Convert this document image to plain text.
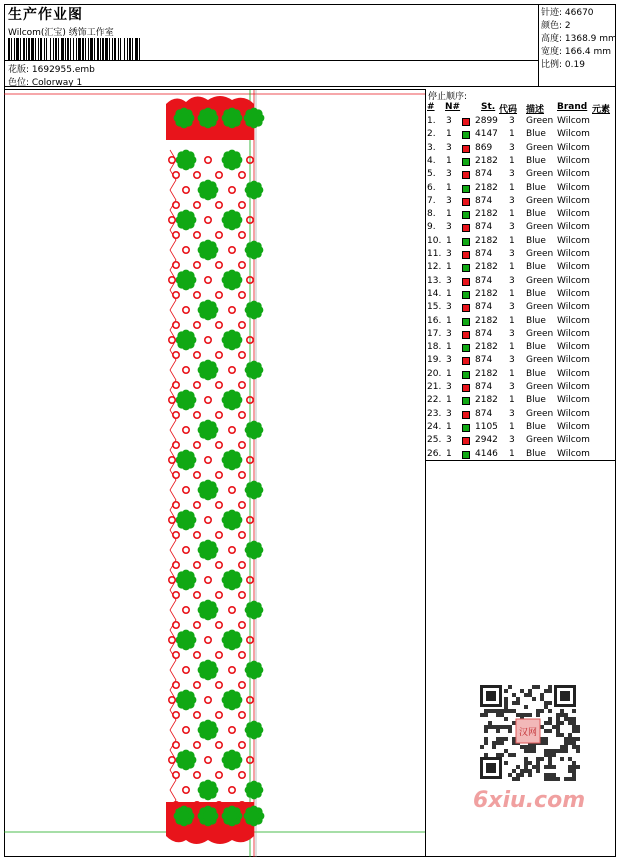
生产作业图
Wilcom(汇宝) 绣饰工作室
花版: 1692955.emb
色位: Colorway 1
针迹: 46670
颜色: 2
高度: 1368.9 mm
宽度: 166.4 mm
比例: 0.19
停止顺序:
# N# St. 代码 描述 Brand 元素
1. 3	2899 3 Green Wilcom
2. 1	4147 1 Blue Wilcom
3. 3	869 3 Green Wilcom
4. 1	2182 1 Blue Wilcom
5. 3	874 3 Green Wilcom
6. 1	2182 1 Blue Wilcom
7. 3	874 3 Green Wilcom
8. 1	2182 1 Blue Wilcom
9. 3	874 3 Green Wilcom
10. 1	2182 1 Blue Wilcom
11. 3	874 3 Green Wilcom
12. 1	2182 1 Blue Wilcom
13. 3	874 3 Green Wilcom
14. 1	2182 1 Blue Wilcom
15. 3	874 3 Green Wilcom
16. 1	2182 1 Blue Wilcom
17. 3	874 3 Green Wilcom
18. 1	2182 1 Blue Wilcom
19. 3	874 3 Green Wilcom
20. 1	2182 1 Blue Wilcom
21. 3	874 3 Green Wilcom
22. 1	2182 1 Blue Wilcom
23. 3	874 3 Green Wilcom
24. 1	1105 1 Blue Wilcom
25. 3	2942 3 Green Wilcom
26. 1	4146 1 Blue Wilcom
汉网
6xiu.com
